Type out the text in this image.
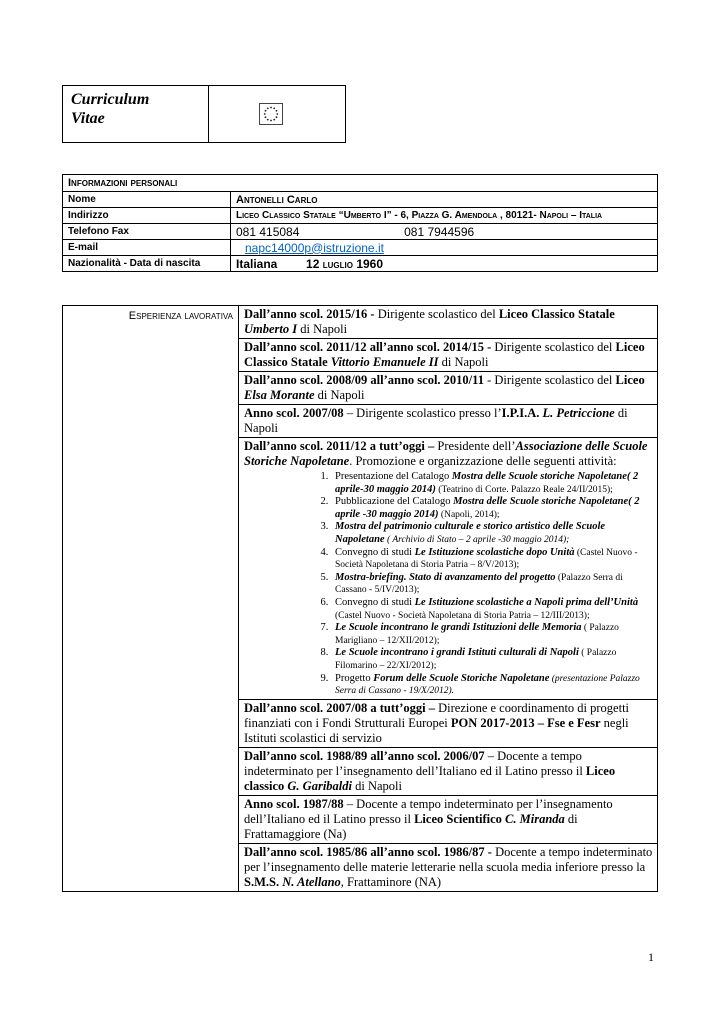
Curriculum
Vitae
Informazioni personali	
Nome	Antonelli Carlo
Indirizzo	Liceo Classico Statale “Umberto I” - 6, Piazza G. Amendola , 80121- Napoli – Italia
Telefono Fax	081 415084 081 7944596
E-mail	napc14000p@istruzione.it
Nazionalità - Data di nascita	Italiana 12 luglio 1960
Esperienza lavorativa	Dall’anno scol. 2015/16 - Dirigente scolastico del Liceo Classico Statale Umberto I di Napoli
Dall’anno scol. 2011/12 all’anno scol. 2014/15 - Dirigente scolastico del Liceo Classico Statale Vittorio Emanuele II di Napoli
Dall’anno scol. 2008/09 all’anno scol. 2010/11 - Dirigente scolastico del Liceo Elsa Morante di Napoli
Anno scol. 2007/08 – Dirigente scolastico presso l’I.P.I.A. L. Petriccione di Napoli
Dall’anno scol. 2011/12 a tutt’oggi – Presidente dell’Associazione delle Scuole Storiche Napoletane. Promozione e organizzazione delle seguenti attività:
1. Presentazione del Catalogo Mostra delle Scuole storiche Napoletane( 2 aprile-30 maggio 2014) (Teatrino di Corte. Palazzo Reale 24/II/2015);
2. Pubblicazione del Catalogo Mostra delle Scuole storiche Napoletane( 2 aprile -30 maggio 2014) (Napoli, 2014);
3. Mostra del patrimonio culturale e storico artistico delle Scuole Napoletane ( Archivio di Stato – 2 aprile -30 maggio 2014);
4. Convegno di studi Le Istituzione scolastiche dopo Unità (Castel Nuovo - Società Napoletana di Storia Patria – 8/V/2013);
5. Mostra-briefing. Stato di avanzamento del progetto (Palazzo Serra di Cassano - 5/IV/2013);
6. Convegno di studi Le Istituzione scolastiche a Napoli prima dell’Unità (Castel Nuovo - Società Napoletana di Storia Patria – 12/III/2013);
7. Le Scuole incontrano le grandi Istituzioni delle Memoria ( Palazzo Marigliano – 12/XII/2012);
8. Le Scuole incontrano i grandi Istituti culturali di Napoli ( Palazzo Filomarino – 22/XI/2012);
9. Progetto Forum delle Scuole Storiche Napoletane (presentazione Palazzo Serra di Cassano - 19/X/2012).

Dall’anno scol. 2007/08 a tutt’oggi – Direzione e coordinamento di progetti finanziati con i Fondi Strutturali Europei PON 2017-2013 – Fse e Fesr negli Istituti scolastici di servizio
Dall’anno scol. 1988/89 all’anno scol. 2006/07 – Docente a tempo indeterminato per l’insegnamento dell’Italiano ed il Latino presso il Liceo classico G. Garibaldi di Napoli
Anno scol. 1987/88 – Docente a tempo indeterminato per l’insegnamento dell’Italiano ed il Latino presso il Liceo Scientifico C. Miranda di Frattamaggiore (Na)
Dall’anno scol. 1985/86 all’anno scol. 1986/87 - Docente a tempo indeterminato per l’insegnamento delle materie letterarie nella scuola media inferiore presso la S.M.S. N. Atellano, Frattaminore (NA)
1
